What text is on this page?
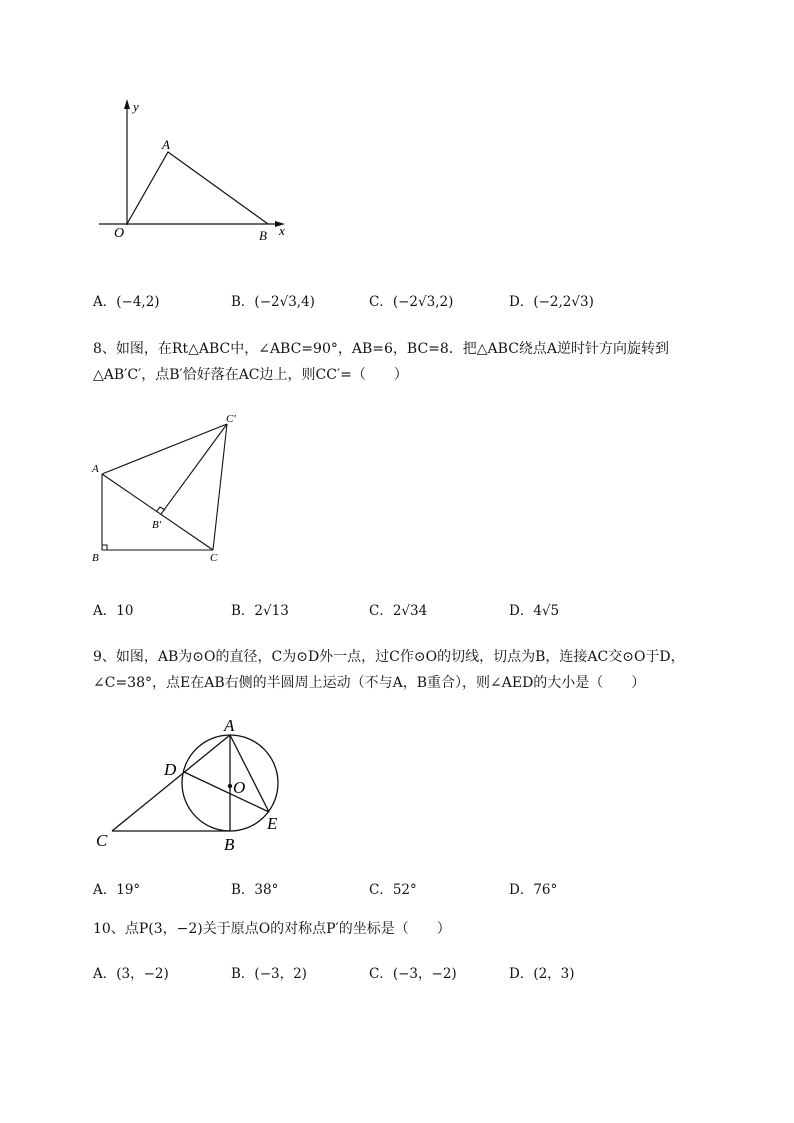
y
A
O	B x
A．(−4,2)	B．(−2√3,4)	C．(−2√3,2)	D．(−2,2√3)
8、如图，在Rt△ABC中，∠ABC=90°，AB=6，BC=8．把△ABC绕点A逆时针方向旋转到
△AB′C′，点B′恰好落在AC边上，则CC′=（　　）
A
B	C
B′
C′
A．10	B．2√13	C．2√34	D．4√5
9、如图，AB为⊙O的直径，C为⊙D外一点，过C作⊙O的切线，切点为B，连接AC交⊙O于D，
∠C=38°，点E在AB右侧的半圆周上运动（不与A，B重合），则∠AED的大小是（　　）
A
D
O
C	B
E
A．19°	B．38°	C．52°	D．76°
10、点P(3，−2)关于原点O的对称点P′的坐标是（　　）
A．(3，−2)	B．(−3，2)	C．(−3，−2)	D．(2，3)
